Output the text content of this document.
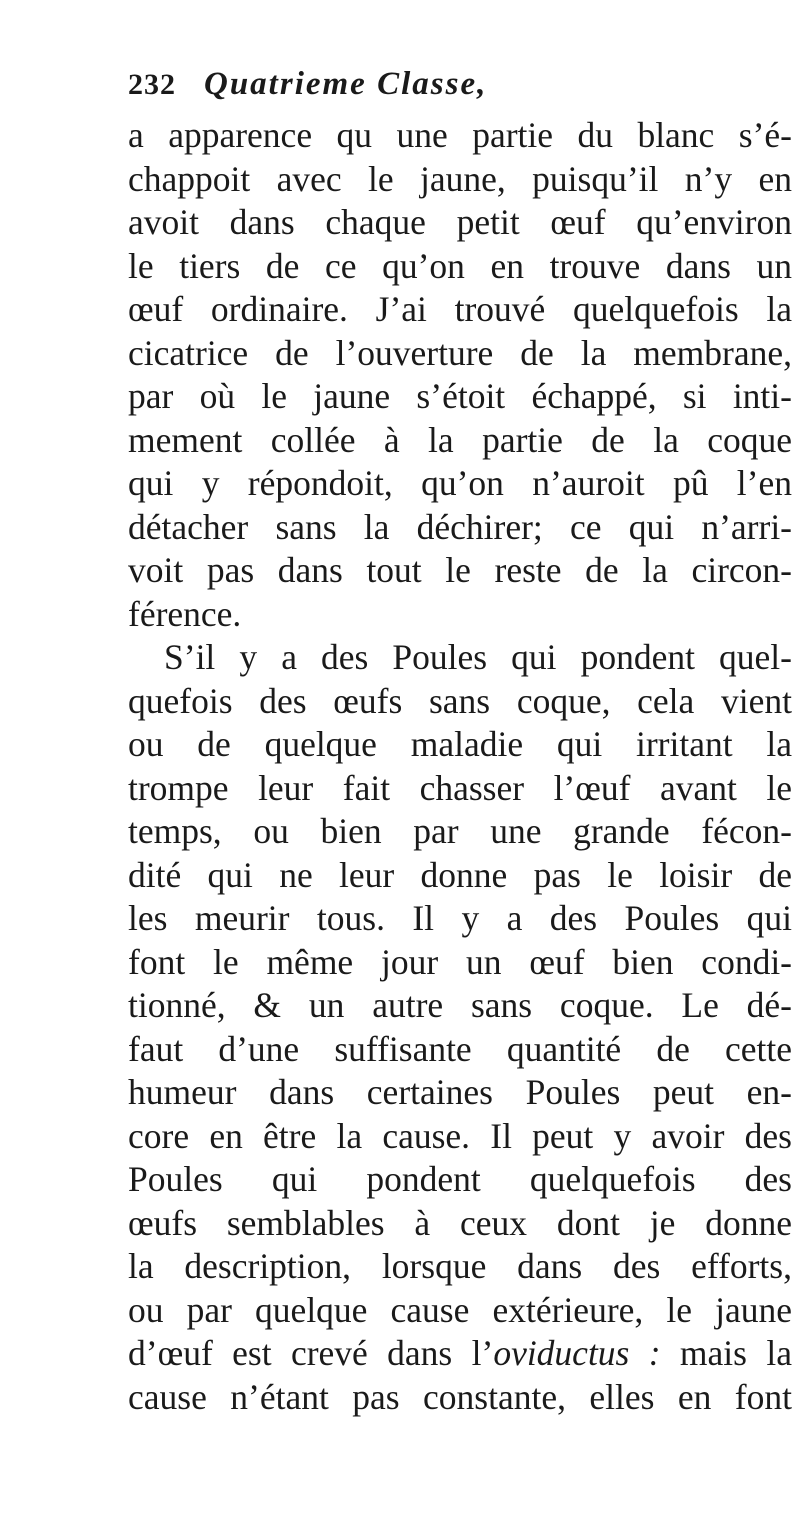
232 Quatrieme Classe,
a apparence qu une partie du blanc s’é-
chappoit avec le jaune, puisqu’il n’y en
avoit dans chaque petit œuf qu’environ
le tiers de ce qu’on en trouve dans un
œuf ordinaire. J’ai trouvé quelquefois la
cicatrice de l’ouverture de la membrane,
par où le jaune s’étoit échappé, si inti-
mement collée à la partie de la coque
qui y répondoit, qu’on n’auroit pû l’en
détacher sans la déchirer; ce qui n’arri-
voit pas dans tout le reste de la circon-
férence.
S’il y a des Poules qui pondent quel-
quefois des œufs sans coque, cela vient
ou de quelque maladie qui irritant la
trompe leur fait chasser l’œuf avant le
temps, ou bien par une grande fécon-
dité qui ne leur donne pas le loisir de
les meurir tous. Il y a des Poules qui
font le même jour un œuf bien condi-
tionné, & un autre sans coque. Le dé-
faut d’une suffisante quantité de cette
humeur dans certaines Poules peut en-
core en être la cause. Il peut y avoir des
Poules qui pondent quelquefois des
œufs semblables à ceux dont je donne
la description, lorsque dans des efforts,
ou par quelque cause extérieure, le jaune
d’œuf est crevé dans l’oviductus : mais la
cause n’étant pas constante, elles en font
